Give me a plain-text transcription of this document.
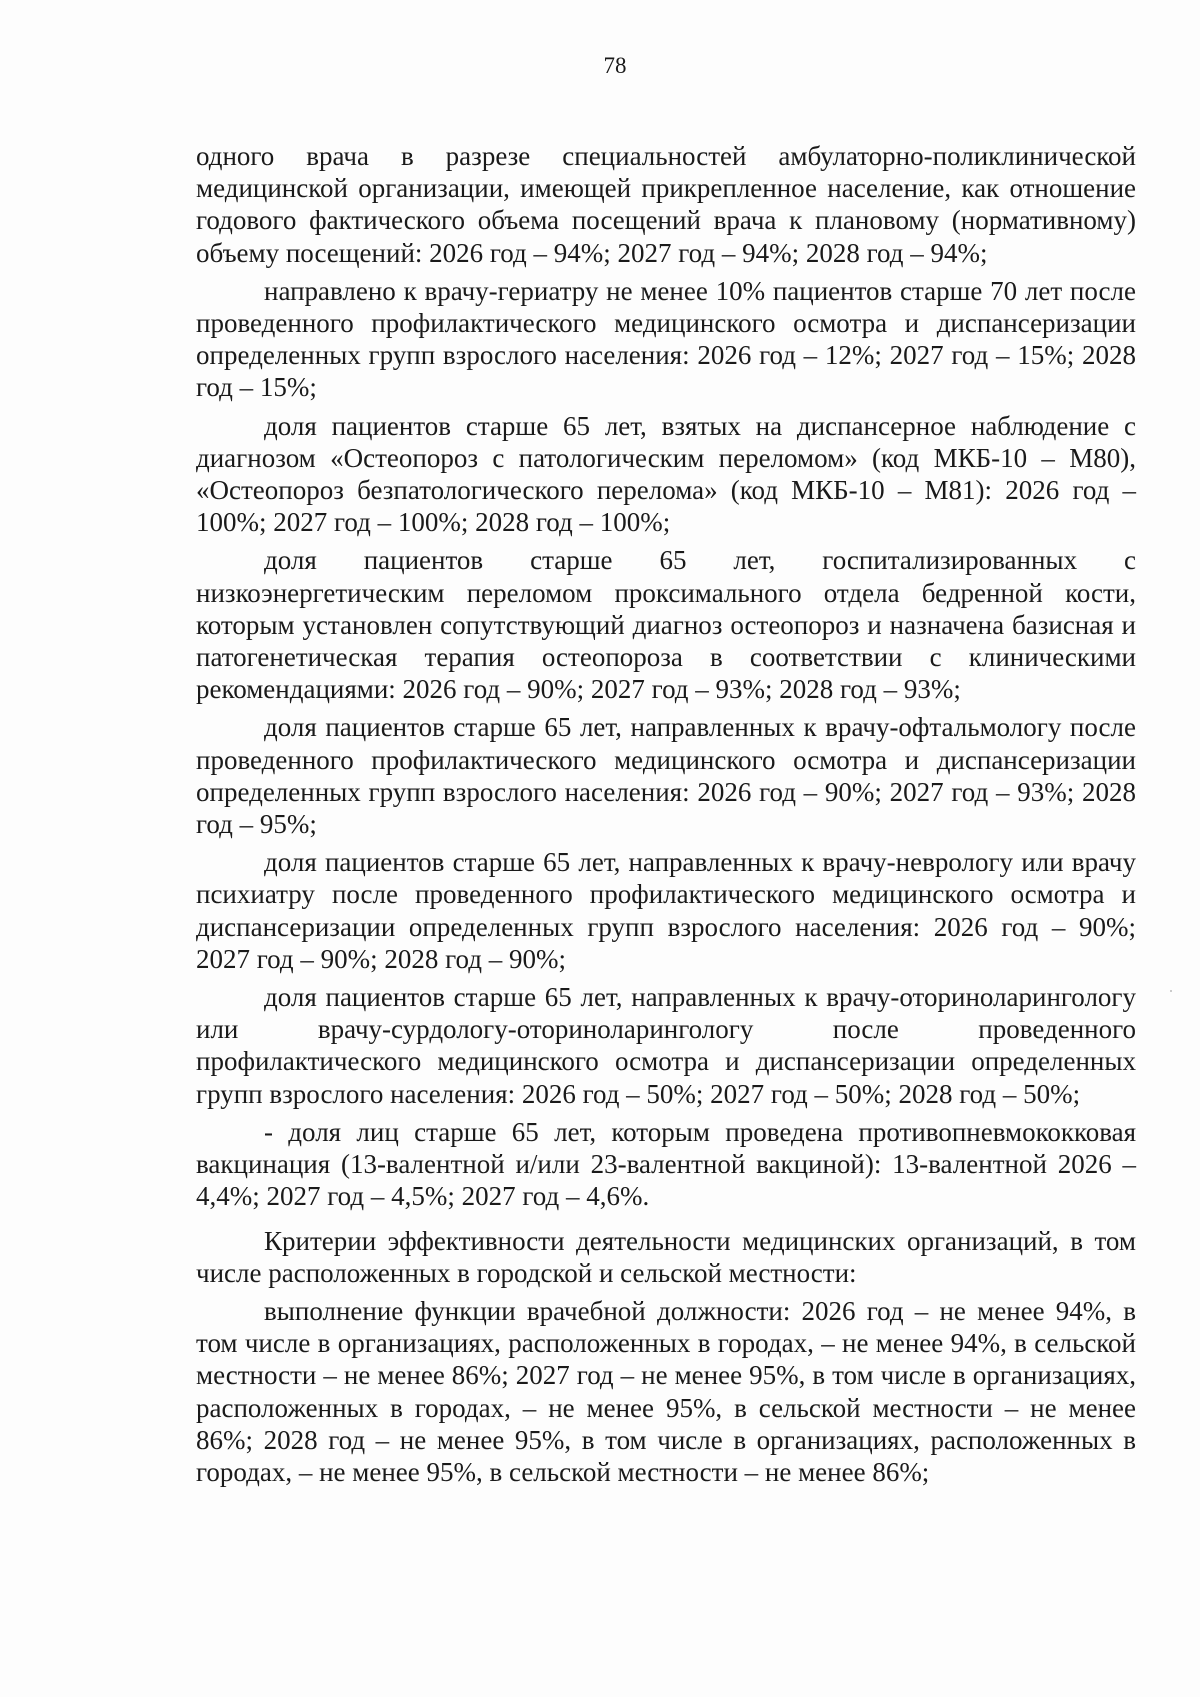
78

одного врача в разрезе специальностей амбулаторно-поликлинической медицинской организации, имеющей прикрепленное население, как отношение годового фактического объема посещений врача к плановому (нормативному) объему посещений: 2026 год – 94%; 2027 год – 94%; 2028 год – 94%;

направлено к врачу-гериатру не менее 10% пациентов старше 70 лет после проведенного профилактического медицинского осмотра и диспансеризации определенных групп взрослого населения: 2026 год – 12%; 2027 год – 15%; 2028 год – 15%;

доля пациентов старше 65 лет, взятых на диспансерное наблюдение с диагнозом «Остеопороз с патологическим переломом» (код МКБ-10 – М80), «Остеопороз безпатологического перелома» (код МКБ-10 – М81): 2026 год – 100%; 2027 год – 100%; 2028 год – 100%;

доля пациентов старше 65 лет, госпитализированных с низкоэнергетическим переломом проксимального отдела бедренной кости, которым установлен сопутствующий диагноз остеопороз и назначена базисная и патогенетическая терапия остеопороза в соответствии с клиническими рекомендациями: 2026 год – 90%; 2027 год – 93%; 2028 год – 93%;

доля пациентов старше 65 лет, направленных к врачу-офтальмологу после проведенного профилактического медицинского осмотра и диспансеризации определенных групп взрослого населения: 2026 год – 90%; 2027 год – 93%; 2028 год – 95%;

доля пациентов старше 65 лет, направленных к врачу-неврологу или врачу психиатру после проведенного профилактического медицинского осмотра и диспансеризации определенных групп взрослого населения: 2026 год – 90%; 2027 год – 90%; 2028 год – 90%;

доля пациентов старше 65 лет, направленных к врачу-оториноларингологу или врачу-сурдологу-оториноларингологу после проведенного профилактического медицинского осмотра и диспансеризации определенных групп взрослого населения: 2026 год – 50%; 2027 год – 50%; 2028 год – 50%;

- доля лиц старше 65 лет, которым проведена противопневмококковая вакцинация (13-валентной и/или 23-валентной вакциной): 13-валентной 2026 – 4,4%; 2027 год – 4,5%; 2027 год – 4,6%.

Критерии эффективности деятельности медицинских организаций, в том числе расположенных в городской и сельской местности:

выполнение функции врачебной должности: 2026 год – не менее 94%, в том числе в организациях, расположенных в городах, – не менее 94%, в сельской местности – не менее 86%; 2027 год – не менее 95%, в том числе в организациях, расположенных в городах, – не менее 95%, в сельской местности – не менее 86%; 2028 год – не менее 95%, в том числе в организациях, расположенных в городах, – не менее 95%, в сельской местности – не менее 86%;
